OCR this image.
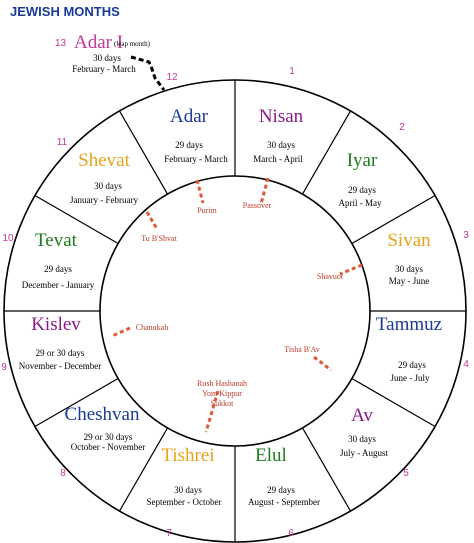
JEWISH MONTHS
Nisan
30 days
March - April
1
Iyar
29 days
April - May
2
Sivan
30 days
May - June
3
Tammuz
29 days
June - July
4
Av
30 days
July - August
5
Elul
29 days
August - September
6
Tishrei
30 days
September - October
7
Cheshvan
29 or 30 days
October - November
8
Kislev
29 or 30 days
November - December
9
Tevat
29 days
December - January
10
Shevat
30 days
January - February
11
Adar
29 days
February - March
12
Passover
Purim
Tu B'Shvat
Shavuot
Chanukah
Tisha B'Av
Rosh Hashanah Yom Kippur Sukkot
13 Adar I
(leap month)
30 days
February - March
